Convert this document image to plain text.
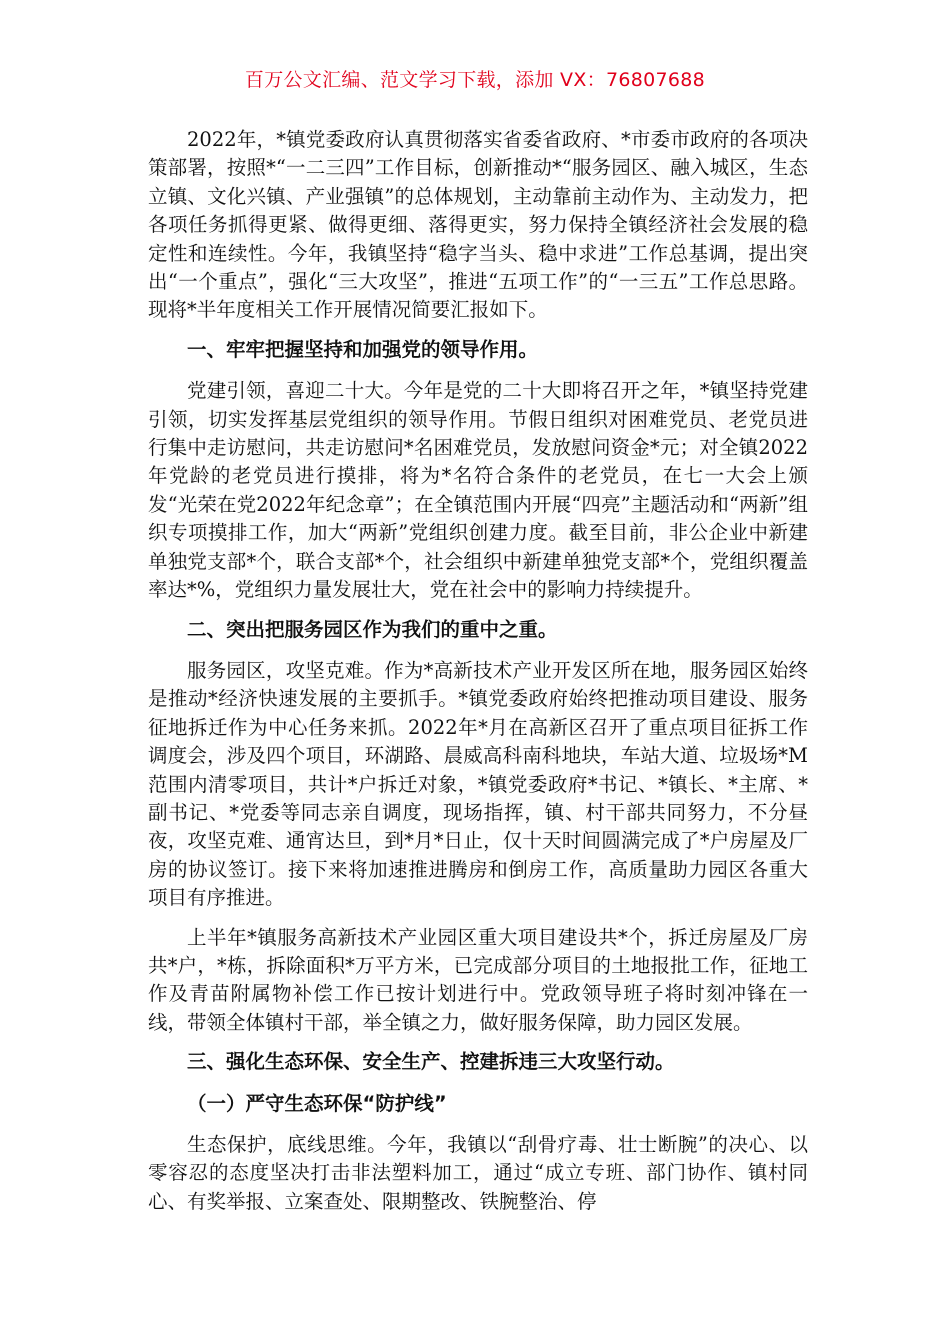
百万公文汇编、范文学习下载，添加 VX：76807688

2022年，*镇党委政府认真贯彻落实省委省政府、*市委市政府的各项决策部署，按照*“一二三四”工作目标，创新推动*“服务园区、融入城区，生态立镇、文化兴镇、产业强镇”的总体规划，主动靠前主动作为、主动发力，把各项任务抓得更紧、做得更细、落得更实，努力保持全镇经济社会发展的稳定性和连续性。今年，我镇坚持“稳字当头、稳中求进”工作总基调，提出突出“一个重点”，强化“三大攻坚”，推进“五项工作”的“一三五”工作总思路。现将*半年度相关工作开展情况简要汇报如下。

一、牢牢把握坚持和加强党的领导作用。

党建引领，喜迎二十大。今年是党的二十大即将召开之年，*镇坚持党建引领，切实发挥基层党组织的领导作用。节假日组织对困难党员、老党员进行集中走访慰问，共走访慰问*名困难党员，发放慰问资金*元；对全镇2022年党龄的老党员进行摸排，将为*名符合条件的老党员，在七一大会上颁发“光荣在党2022年纪念章”；在全镇范围内开展“四亮”主题活动和“两新”组织专项摸排工作，加大“两新”党组织创建力度。截至目前，非公企业中新建单独党支部*个，联合支部*个，社会组织中新建单独党支部*个，党组织覆盖率达*%，党组织力量发展壮大，党在社会中的影响力持续提升。

二、突出把服务园区作为我们的重中之重。

服务园区，攻坚克难。作为*高新技术产业开发区所在地，服务园区始终是推动*经济快速发展的主要抓手。*镇党委政府始终把推动项目建设、服务征地拆迁作为中心任务来抓。2022年*月在高新区召开了重点项目征拆工作调度会，涉及四个项目，环湖路、晨威高科南科地块，车站大道、垃圾场*M范围内清零项目，共计*户拆迁对象，*镇党委政府*书记、*镇长、*主席、*副书记、*党委等同志亲自调度，现场指挥，镇、村干部共同努力，不分昼夜，攻坚克难、通宵达旦，到*月*日止，仅十天时间圆满完成了*户房屋及厂房的协议签订。接下来将加速推进腾房和倒房工作，高质量助力园区各重大项目有序推进。

上半年*镇服务高新技术产业园区重大项目建设共*个，拆迁房屋及厂房共*户，*栋，拆除面积*万平方米，已完成部分项目的土地报批工作，征地工作及青苗附属物补偿工作已按计划进行中。党政领导班子将时刻冲锋在一线，带领全体镇村干部，举全镇之力，做好服务保障，助力园区发展。

三、强化生态环保、安全生产、控建拆违三大攻坚行动。
（一）严守生态环保“防护线”

生态保护，底线思维。今年，我镇以“刮骨疗毒、壮士断腕”的决心、以零容忍的态度坚决打击非法塑料加工，通过“成立专班、部门协作、镇村同心、有奖举报、立案查处、限期整改、铁腕整治、停
